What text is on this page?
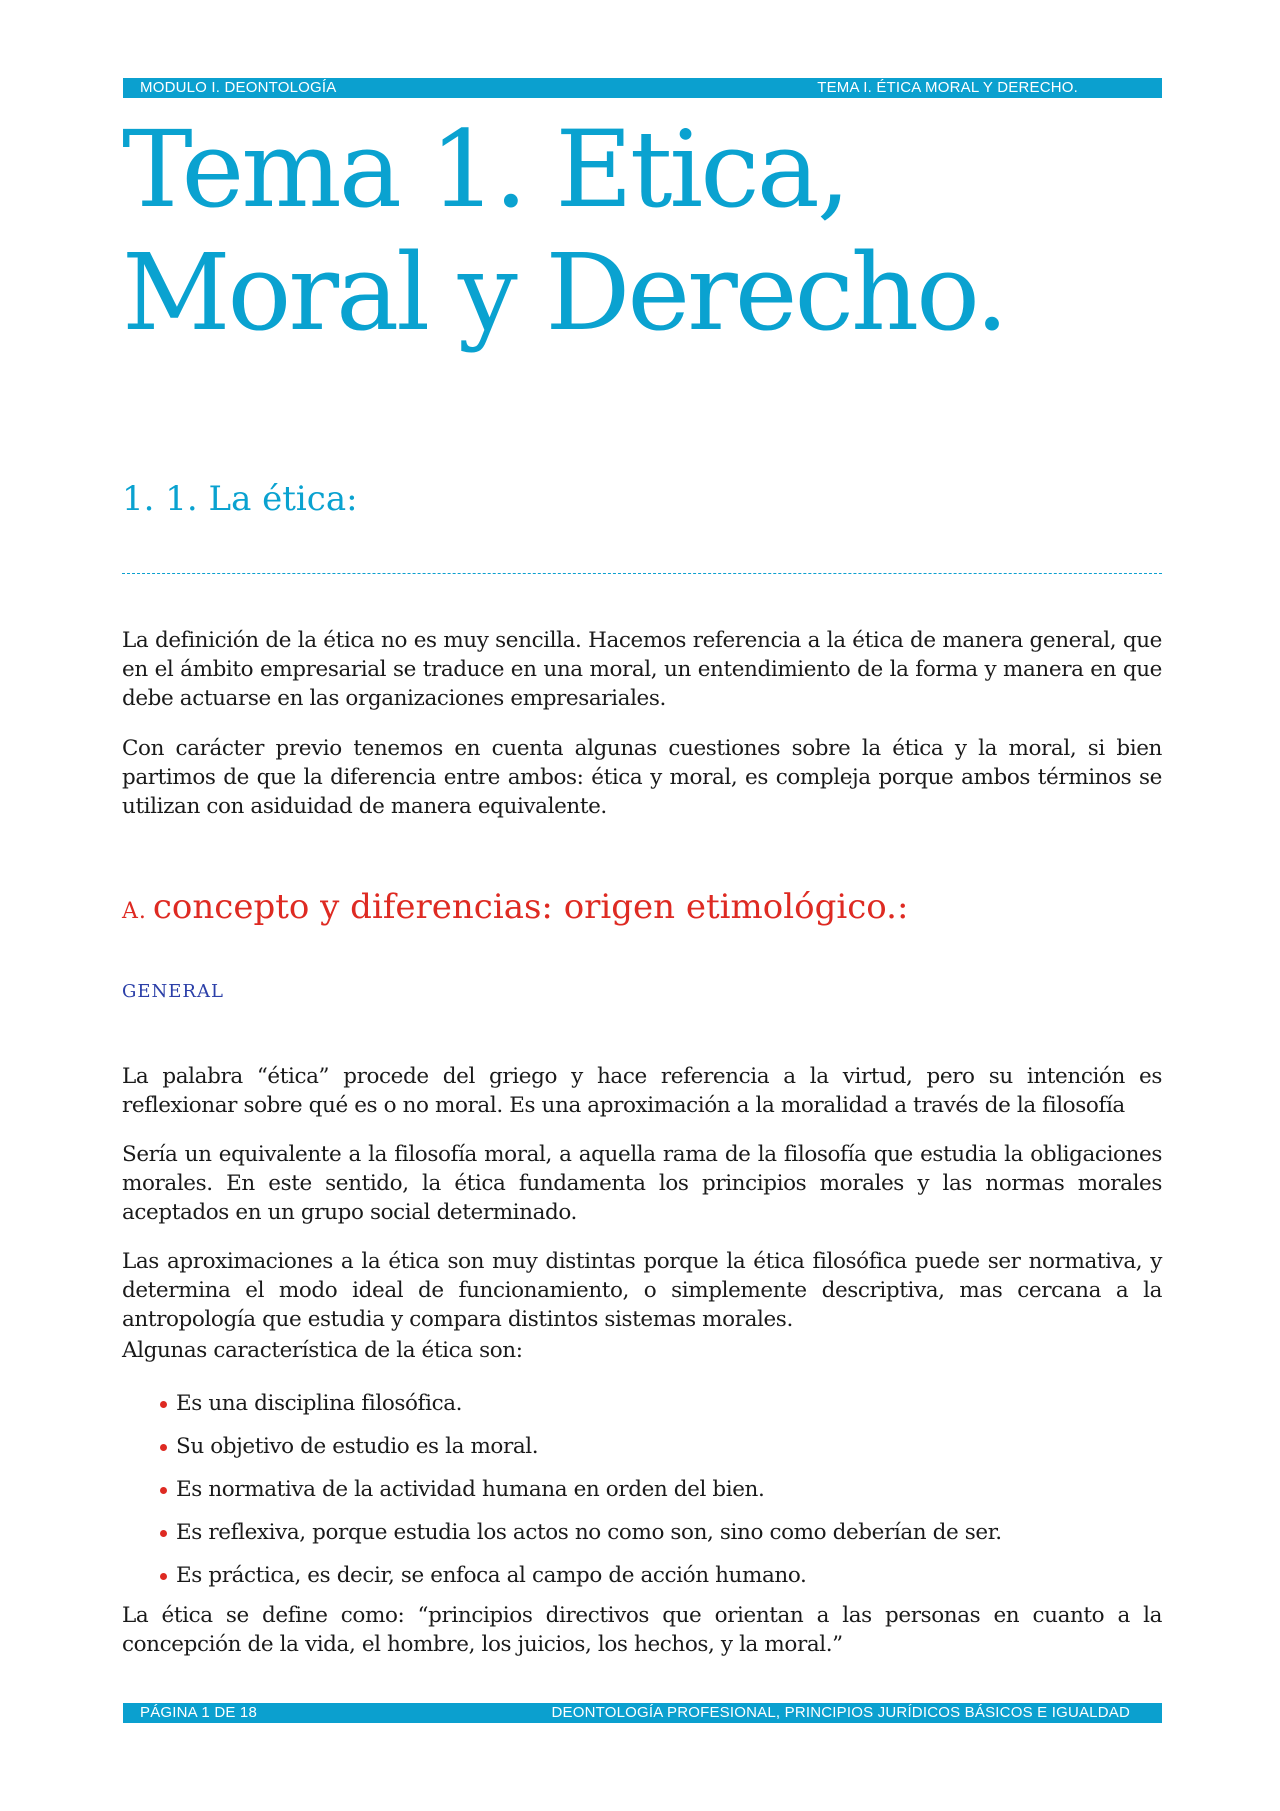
MODULO I. DEONTOLOGÍA	TEMA I. ÉTICA MORAL Y DERECHO.
Tema 1. Etica, Moral y Derecho.
1. 1. La ética:

La definición de la ética no es muy sencilla. Hacemos referencia a la ética de manera general, que en el ámbito empresarial se traduce en una moral, un entendimiento de la forma y manera en que debe actuarse en las organizaciones empresariales.

Con carácter previo tenemos en cuenta algunas cuestiones sobre la ética y la moral, si bien partimos de que la diferencia entre ambos: ética y moral, es compleja porque ambos términos se utilizan con asiduidad de manera equivalente.

A. concepto y diferencias: origen etimológico.:
GENERAL

La palabra “ética” procede del griego y hace referencia a la virtud, pero su intención es reflexionar sobre qué es o no moral. Es una aproximación a la moralidad a través de la filosofía

Sería un equivalente a la filosofía moral, a aquella rama de la filosofía que estudia la obligaciones morales. En este sentido, la ética fundamenta los principios morales y las normas morales aceptados en un grupo social determinado.

Las aproximaciones a la ética son muy distintas porque la ética filosófica puede ser normativa, y determina el modo ideal de funcionamiento, o simplemente descriptiva, mas cercana a la antropología que estudia y compara distintos sistemas morales.

Algunas característica de la ética son:

Es una disciplina filosófica.
Su objetivo de estudio es la moral.
Es normativa de la actividad humana en orden del bien.
Es reflexiva, porque estudia los actos no como son, sino como deberían de ser.
Es práctica, es decir, se enfoca al campo de acción humano.

La ética se define como: “principios directivos que orientan a las personas en cuanto a la concepción de la vida, el hombre, los juicios, los hechos, y la moral.”

PÁGINA 1 DE 18	DEONTOLOGÍA PROFESIONAL, PRINCIPIOS JURÍDICOS BÁSICOS E IGUALDAD
